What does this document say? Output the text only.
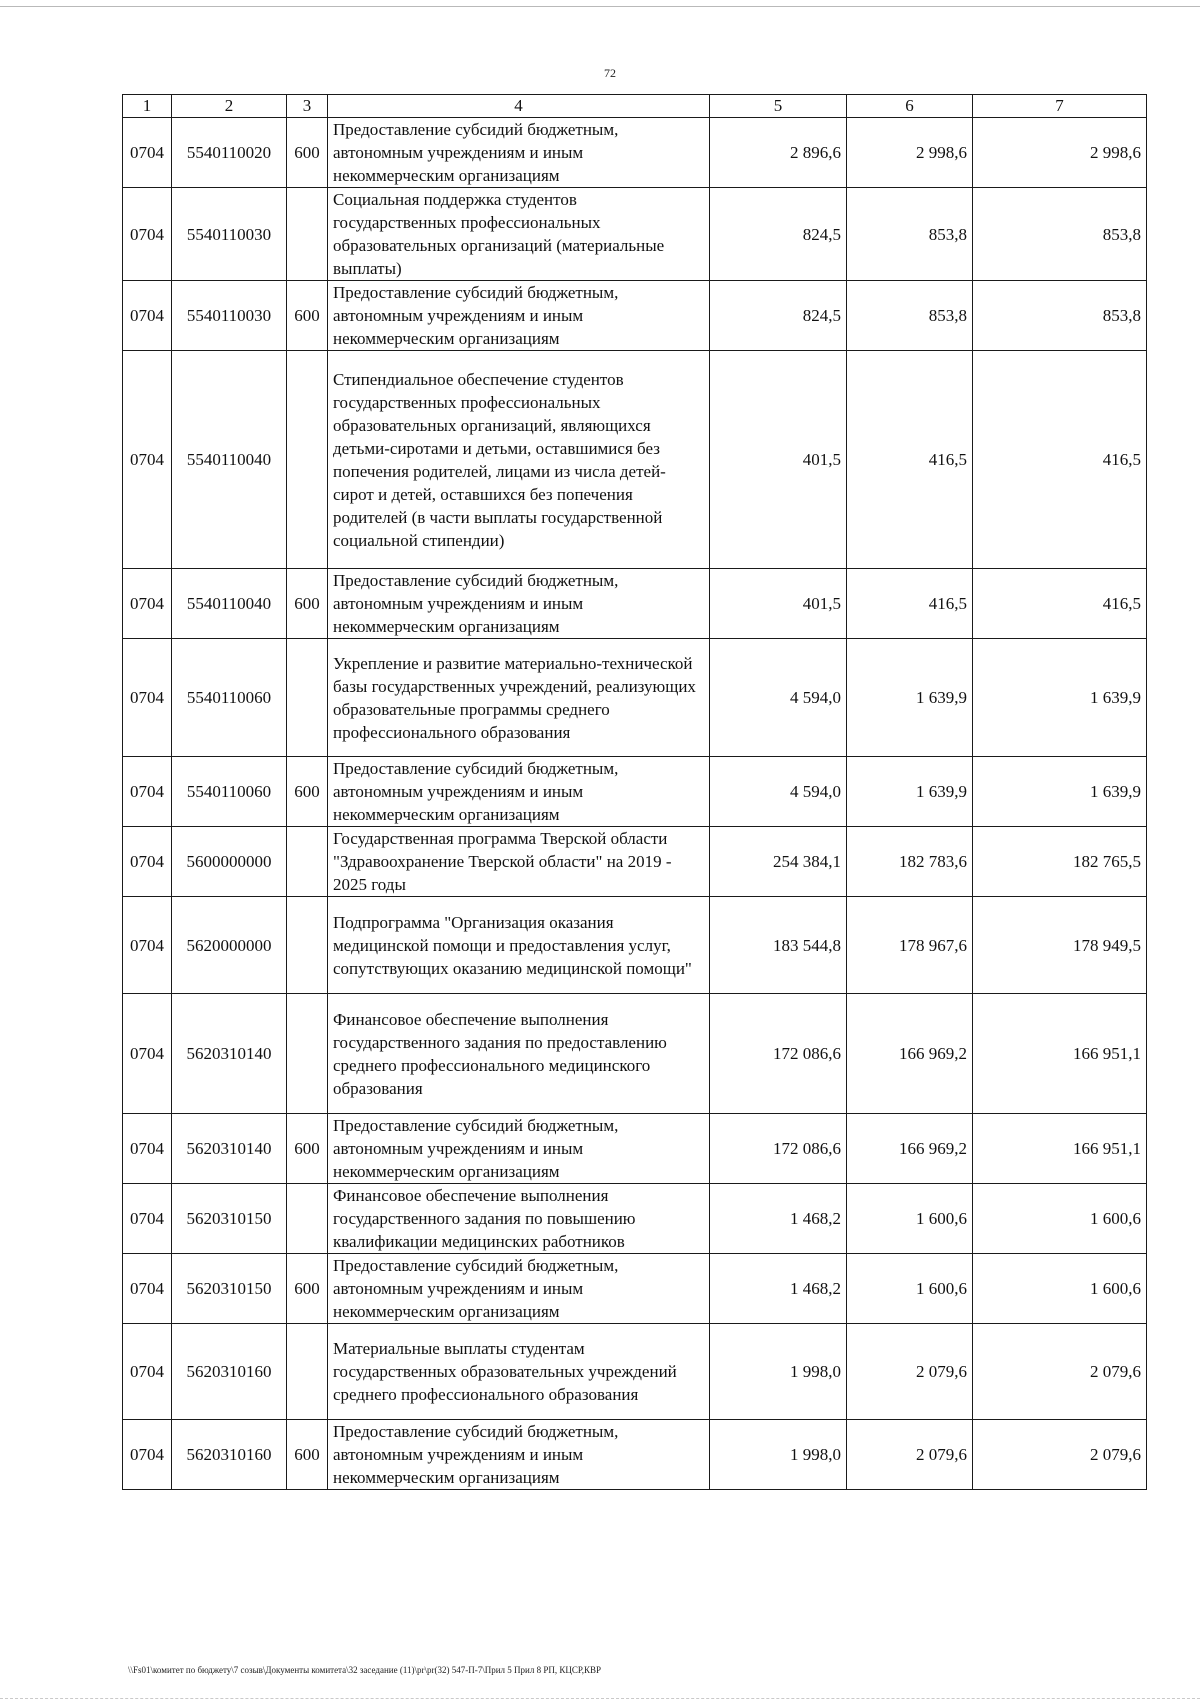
72
1	2	3	4	5	6	7
0704	5540110020	600	Предоставление субсидий бюджетным, автономным учреждениям и иным некоммерческим организациям	2 896,6	2 998,6	2 998,6
0704	5540110030		Социальная поддержка студентов государственных профессиональных образовательных организаций (материальные выплаты)	824,5	853,8	853,8
0704	5540110030	600	Предоставление субсидий бюджетным, автономным учреждениям и иным некоммерческим организациям	824,5	853,8	853,8
0704	5540110040		Стипендиальное обеспечение студентов государственных профессиональных образовательных организаций, являющихся детьми-сиротами и детьми, оставшимися без попечения родителей, лицами из числа детей-сирот и детей, оставшихся без попечения родителей (в части выплаты государственной социальной стипендии)	401,5	416,5	416,5
0704	5540110040	600	Предоставление субсидий бюджетным, автономным учреждениям и иным некоммерческим организациям	401,5	416,5	416,5
0704	5540110060		Укрепление и развитие материально-технической базы государственных учреждений, реализующих образовательные программы среднего профессионального образования	4 594,0	1 639,9	1 639,9
0704	5540110060	600	Предоставление субсидий бюджетным, автономным учреждениям и иным некоммерческим организациям	4 594,0	1 639,9	1 639,9
0704	5600000000		Государственная программа Тверской области "Здравоохранение Тверской области" на 2019 - 2025 годы	254 384,1	182 783,6	182 765,5
0704	5620000000		Подпрограмма "Организация оказания медицинской помощи и предоставления услуг, сопутствующих оказанию медицинской помощи"	183 544,8	178 967,6	178 949,5
0704	5620310140		Финансовое обеспечение выполнения государственного задания по предоставлению среднего профессионального медицинского образования	172 086,6	166 969,2	166 951,1
0704	5620310140	600	Предоставление субсидий бюджетным, автономным учреждениям и иным некоммерческим организациям	172 086,6	166 969,2	166 951,1
0704	5620310150		Финансовое обеспечение выполнения государственного задания по повышению квалификации медицинских работников	1 468,2	1 600,6	1 600,6
0704	5620310150	600	Предоставление субсидий бюджетным, автономным учреждениям и иным некоммерческим организациям	1 468,2	1 600,6	1 600,6
0704	5620310160		Материальные выплаты студентам государственных образовательных учреждений среднего профессионального образования	1 998,0	2 079,6	2 079,6
0704	5620310160	600	Предоставление субсидий бюджетным, автономным учреждениям и иным некоммерческим организациям	1 998,0	2 079,6	2 079,6
\\Fs01\комитет по бюджету\7 созыв\Документы комитета\32 заседание (11)\pr\pr(32) 547-П-7\Прил 5 Прил 8 РП, КЦСР,КВР
